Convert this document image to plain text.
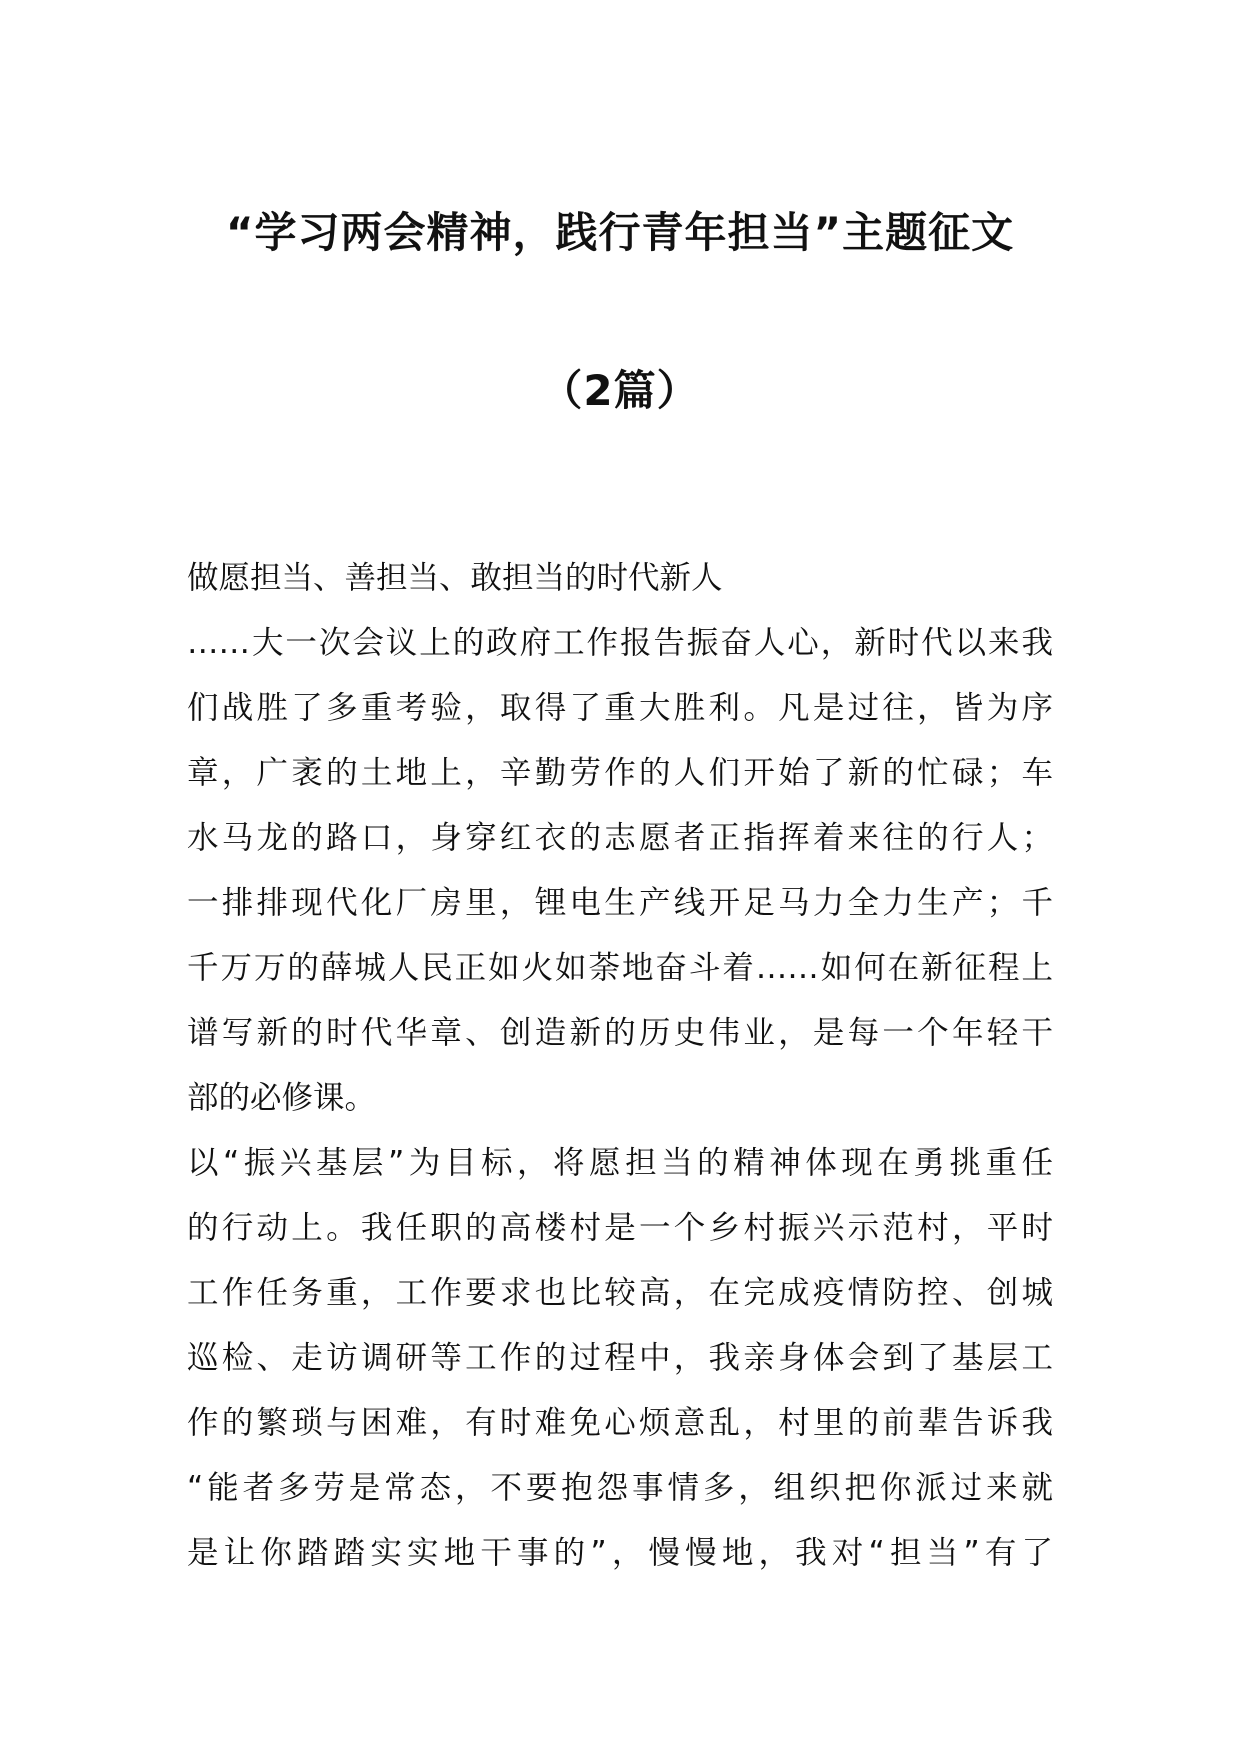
“学习两会精神，践行青年担当”主题征文
（2篇）
做愿担当、善担当、敢担当的时代新人
……大一次会议上的政府工作报告振奋人心，新时代以来我
们战胜了多重考验，取得了重大胜利。凡是过往，皆为序
章，广袤的土地上，辛勤劳作的人们开始了新的忙碌；车
水马龙的路口，身穿红衣的志愿者正指挥着来往的行人；
一排排现代化厂房里，锂电生产线开足马力全力生产；千
千万万的薛城人民正如火如荼地奋斗着……如何在新征程上
谱写新的时代华章、创造新的历史伟业，是每一个年轻干
部的必修课。
以“振兴基层”为目标，将愿担当的精神体现在勇挑重任
的行动上。我任职的高楼村是一个乡村振兴示范村，平时
工作任务重，工作要求也比较高，在完成疫情防控、创城
巡检、走访调研等工作的过程中，我亲身体会到了基层工
作的繁琐与困难，有时难免心烦意乱，村里的前辈告诉我
“能者多劳是常态，不要抱怨事情多，组织把你派过来就
是让你踏踏实实地干事的”，慢慢地，我对“担当”有了
